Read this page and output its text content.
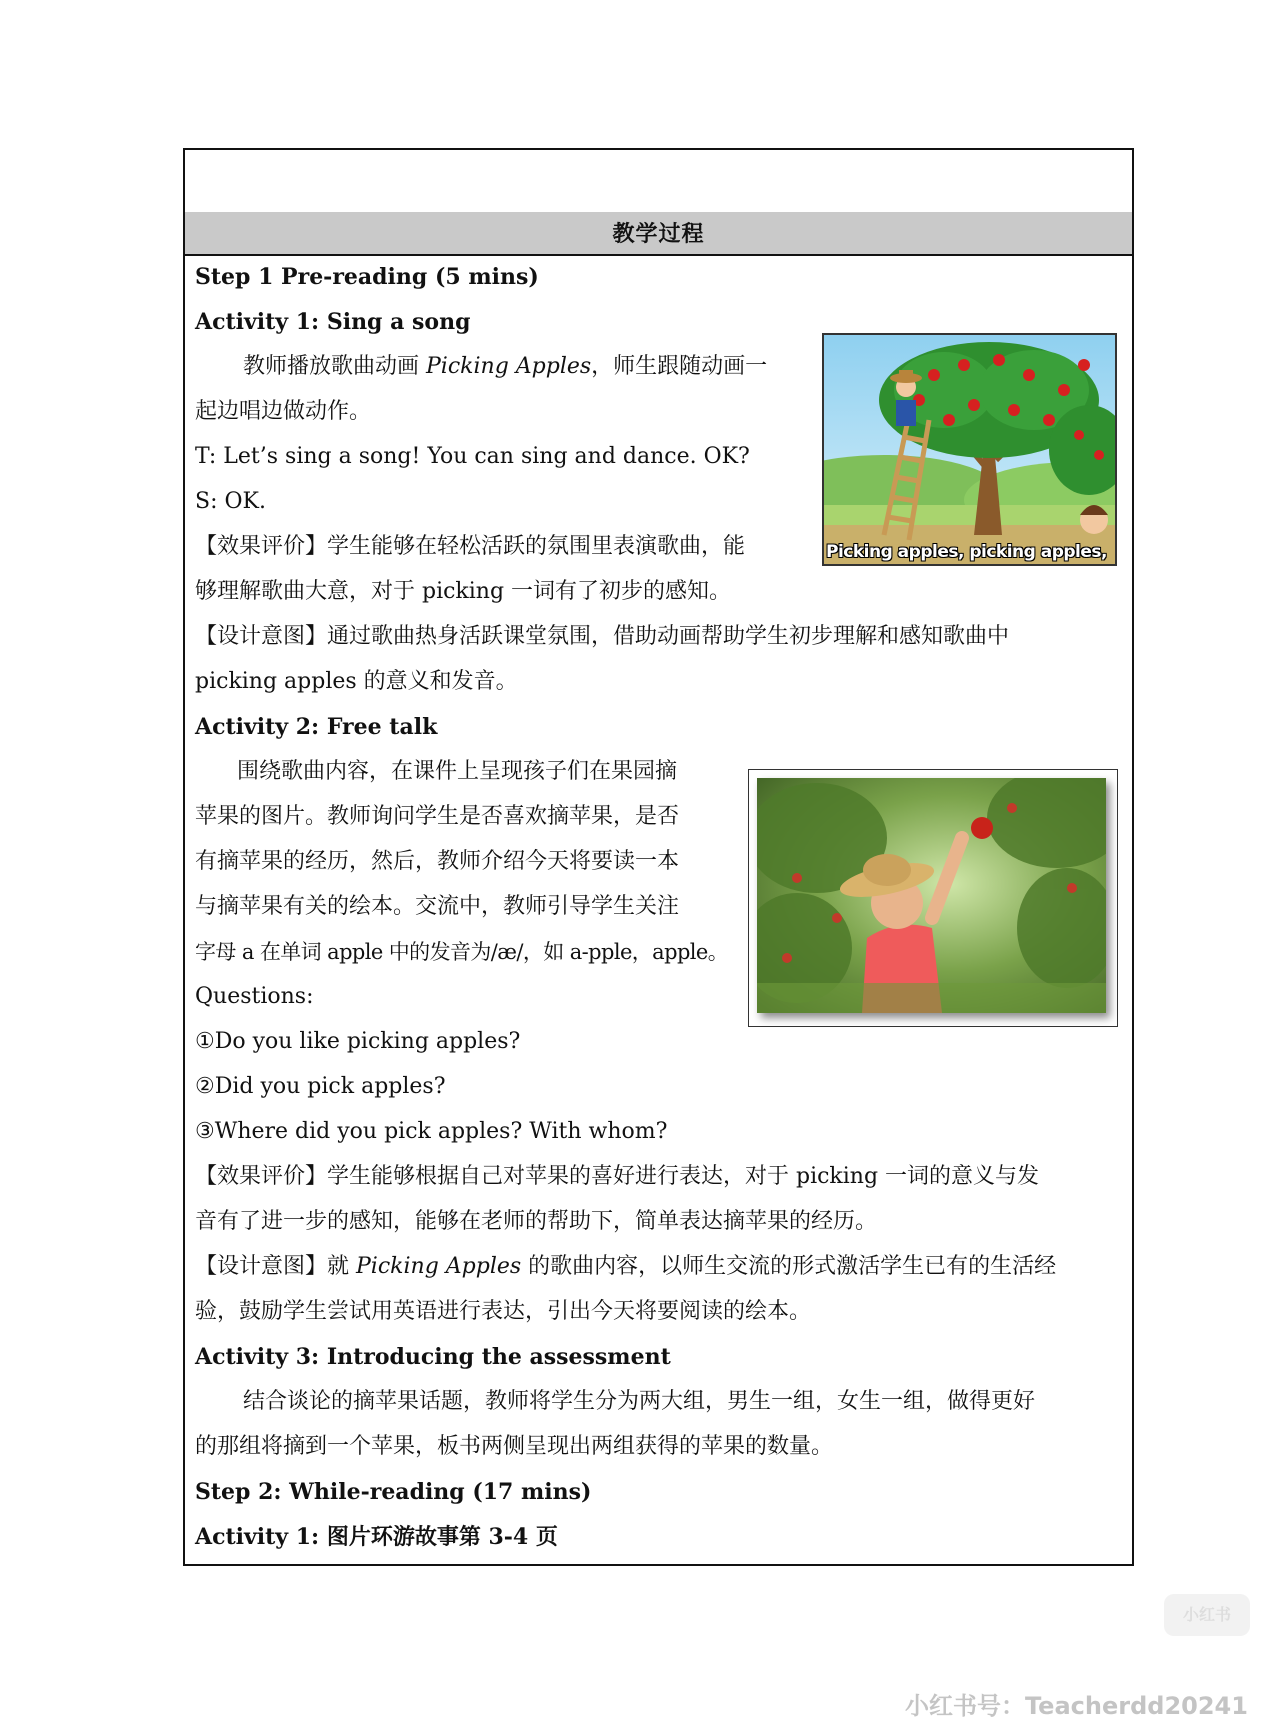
教学过程
Step 1 Pre-reading (5 mins)
Activity 1: Sing a song
教师播放歌曲动画 Picking Apples，师生跟随动画一
起边唱边做动作。
T: Let’s sing a song! You can sing and dance. OK?
S: OK.
【效果评价】学生能够在轻松活跃的氛围里表演歌曲，能
够理解歌曲大意，对于 picking 一词有了初步的感知。
【设计意图】通过歌曲热身活跃课堂氛围，借助动画帮助学生初步理解和感知歌曲中
picking apples 的意义和发音。
Activity 2: Free talk
围绕歌曲内容，在课件上呈现孩子们在果园摘
苹果的图片。教师询问学生是否喜欢摘苹果，是否
有摘苹果的经历，然后，教师介绍今天将要读一本
与摘苹果有关的绘本。交流中，教师引导学生关注
字母 a 在单词 apple 中的发音为/æ/，如 a-pple，apple。
Questions:
①Do you like picking apples?
②Did you pick apples?
③Where did you pick apples? With whom?
【效果评价】学生能够根据自己对苹果的喜好进行表达，对于 picking 一词的意义与发
音有了进一步的感知，能够在老师的帮助下，简单表达摘苹果的经历。
【设计意图】就 Picking Apples 的歌曲内容，以师生交流的形式激活学生已有的生活经
验，鼓励学生尝试用英语进行表达，引出今天将要阅读的绘本。
Activity 3: Introducing the assessment
结合谈论的摘苹果话题，教师将学生分为两大组，男生一组，女生一组，做得更好
的那组将摘到一个苹果，板书两侧呈现出两组获得的苹果的数量。
Step 2: While-reading (17 mins)
Activity 1: 图片环游故事第 3-4 页
Picking apples, picking apples,
小红书
小红书号：Teacherdd20241
